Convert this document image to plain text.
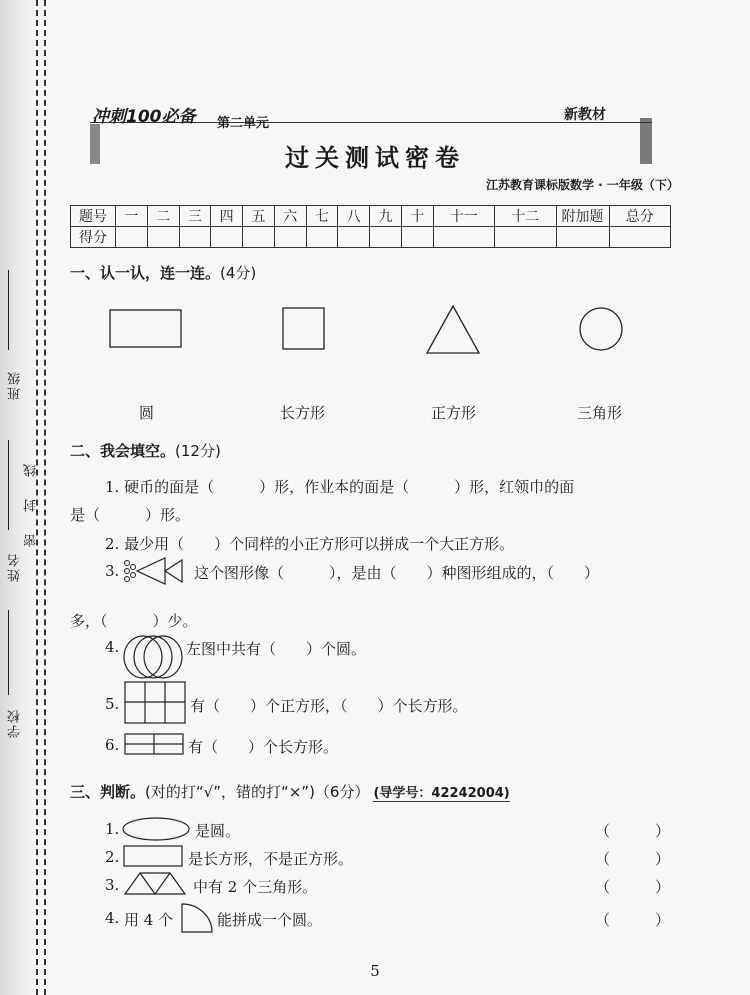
班级
线
封
密
姓名
学校
冲刺100必备 第二单元
新教材
过关测试密卷
江苏教育课标版数学 · 一年级（下）
题号	一	二	三	四	五	六	七	八	九	十	十一	十二	附加题	总分
得分														
一、认一认，连一连。(4分)
圆	长方形	正方形	三角形
二、我会填空。(12分)
1. 硬币的面是（　　　）形，作业本的面是（　　　）形，红领巾的面
是（　　　）形。
2. 最少用（　　）个同样的小正方形可以拼成一个大正方形。
3.	这个图形像（　　　），是由（　　）种图形组成的，（　　）
多，（　　　）少。
4.	左图中共有（　　）个圆。
5.	有（　　）个正方形，（　　）个长方形。
6.	有（　　）个长方形。
三、判断。(对的打“√”，错的打“×”)（6分） (导学号：42242004)
1.	是圆。	（　　　）
2.	是长方形，不是正方形。	（　　　）
3.	中有 2 个三角形。	（　　　）
4. 用 4 个	能拼成一个圆。	（　　　）
5
